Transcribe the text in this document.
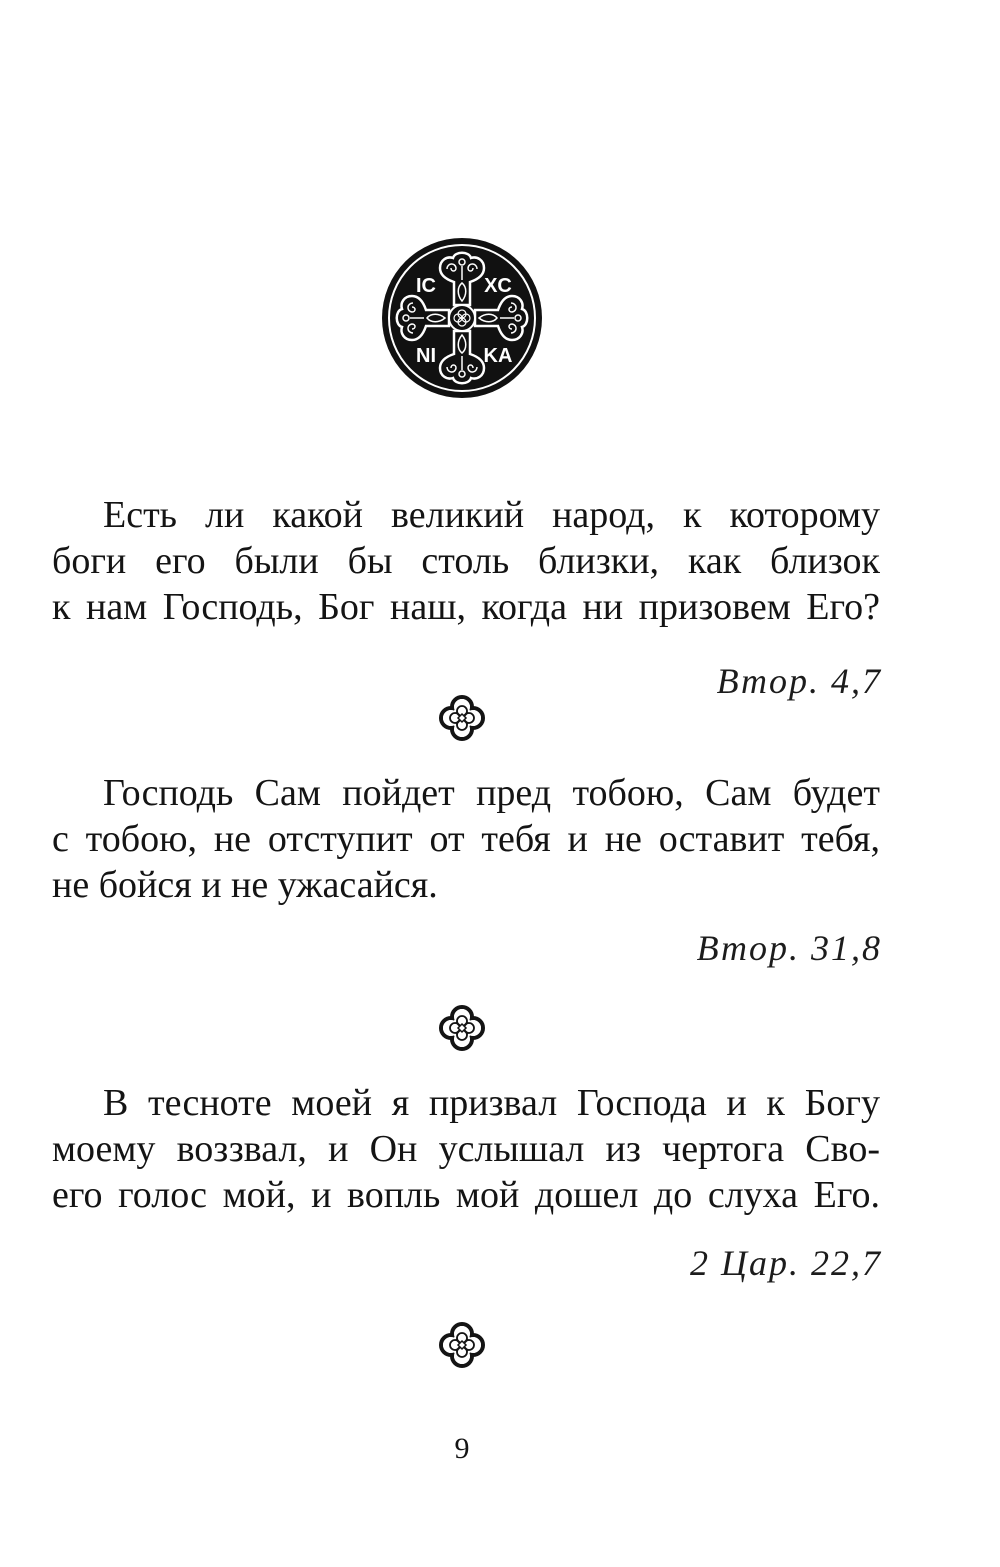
IC XC
NI KA
Есть ли какой великий народ, к которому
боги его были бы столь близки, как близок
к нам Господь, Бог наш, когда ни призовем Его?
Втор. 4,7
Господь Сам пойдет пред тобою, Сам будет
с тобою, не отступит от тебя и не оставит тебя,
не бойся и не ужасайся.
Втор. 31,8
В тесноте моей я призвал Господа и к Богу
моему воззвал, и Он услышал из чертога Сво-
его голос мой, и вопль мой дошел до слуха Его.
2 Цар. 22,7
9
